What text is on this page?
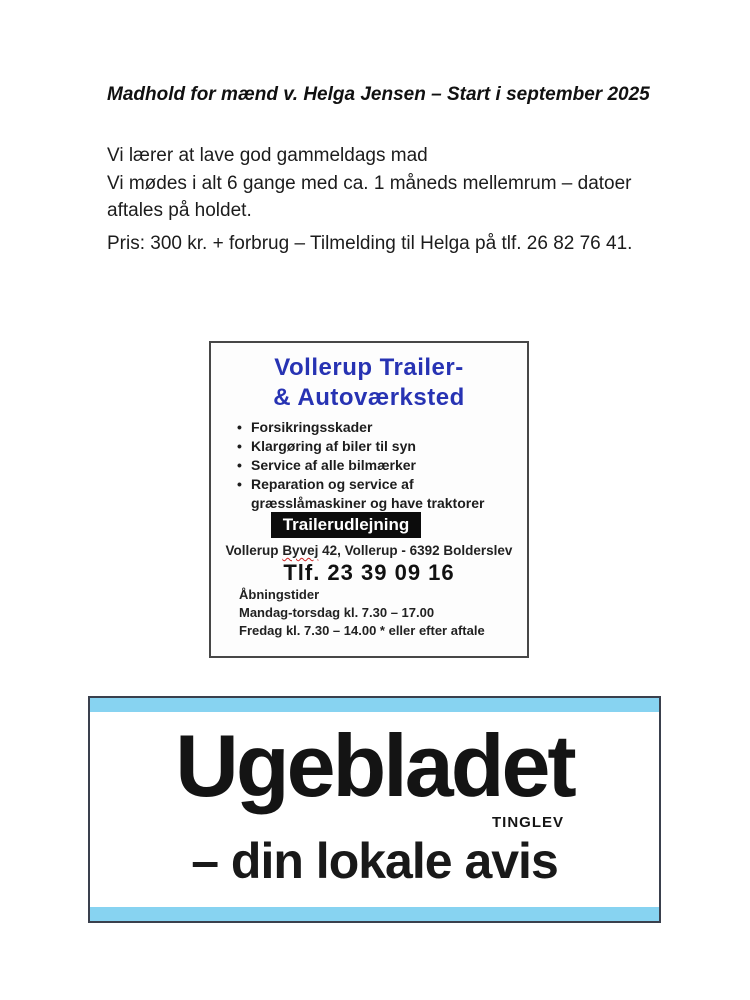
Madhold for mænd v. Helga Jensen – Start i september 2025
Vi lærer at lave god gammeldags mad
Vi mødes i alt 6 gange med ca. 1 måneds mellemrum – datoer aftales på holdet.
Pris: 300 kr. + forbrug – Tilmelding til Helga på tlf. 26 82 76 41.
Vollerup Trailer-
& Autoværksted
• Forsikringsskader
• Klargøring af biler til syn
• Service af alle bilmærker
• Reparation og service af græsslåmaskiner og have traktorer
Trailerudlejning
Vollerup Byvej 42, Vollerup - 6392 Bolderslev
Tlf. 23 39 09 16
Åbningstider
Mandag-torsdag kl. 7.30 – 17.00
Fredag kl. 7.30 – 14.00 * eller efter aftale
Ugebladet
TINGLEV
– din lokale avis
